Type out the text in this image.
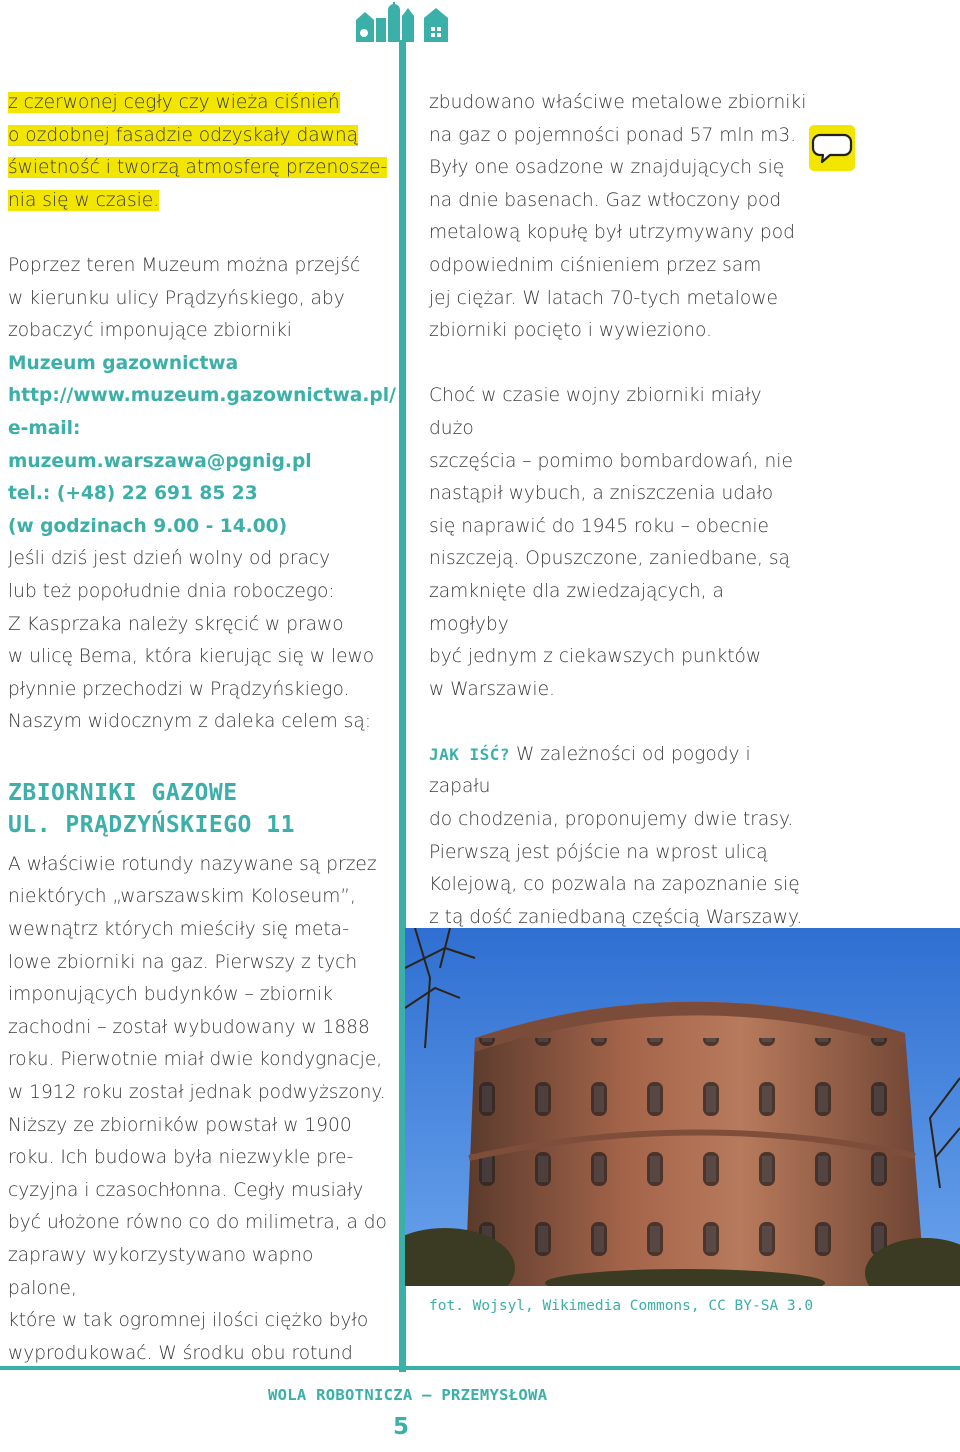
z czerwonej cegły czy wieża ciśnień
o ozdobnej fasadzie odzyskały dawną
świetność i tworzą atmosferę przenosze-
nia się w czasie.

Poprzez teren Muzeum można przejść
w kierunku ulicy Prądzyńskiego, aby
zobaczyć imponujące zbiorniki
Muzeum gazownictwa
http://www.muzeum.gazownictwa.pl/
e-mail: muzeum.warszawa@pgnig.pl
tel.: (+48) 22 691 85 23
(w godzinach 9.00 - 14.00)
Jeśli dziś jest dzień wolny od pracy
lub też popołudnie dnia roboczego:
Z Kasprzaka należy skręcić w prawo
w ulicę Bema, która kierując się w lewo
płynnie przechodzi w Prądzyńskiego.
Naszym widocznym z daleka celem są:

ZBIORNIKI GAZOWE
UL. PRĄDZYŃSKIEGO 11

A właściwie rotundy nazywane są przez
niektórych „warszawskim Koloseum”,
wewnątrz których mieściły się meta-
lowe zbiorniki na gaz. Pierwszy z tych
imponujących budynków – zbiornik
zachodni – został wybudowany w 1888
roku. Pierwotnie miał dwie kondygnacje,
w 1912 roku został jednak podwyższony.
Niższy ze zbiorników powstał w 1900
roku. Ich budowa była niezwykle pre-
cyzyjna i czasochłonna. Cegły musiały
być ułożone równo co do milimetra, a do
zaprawy wykorzystywano wapno palone,
które w tak ogromnej ilości ciężko było
wyprodukować. W środku obu rotund

zbudowano właściwe metalowe zbiorniki
na gaz o pojemności ponad 57 mln m3.
Były one osadzone w znajdujących się
na dnie basenach. Gaz wtłoczony pod
metalową kopułę był utrzymywany pod
odpowiednim ciśnieniem przez sam
jej ciężar. W latach 70-tych metalowe
zbiorniki pocięto i wywieziono.

Choć w czasie wojny zbiorniki miały dużo
szczęścia – pomimo bombardowań, nie
nastąpił wybuch, a zniszczenia udało
się naprawić do 1945 roku – obecnie
niszczeją. Opuszczone, zaniedbane, są
zamknięte dla zwiedzających, a mogłyby
być jednym z ciekawszych punktów
w Warszawie.

JAK IŚĆ? W zależności od pogody i zapału
do chodzenia, proponujemy dwie trasy.
Pierwszą jest pójście na wprost ulicą
Kolejową, co pozwala na zapoznanie się
z tą dość zaniedbaną częścią Warszawy.

fot. Wojsyl, Wikimedia Commons, CC BY-SA 3.0
WOLA ROBOTNICZA – PRZEMYSŁOWA
5
